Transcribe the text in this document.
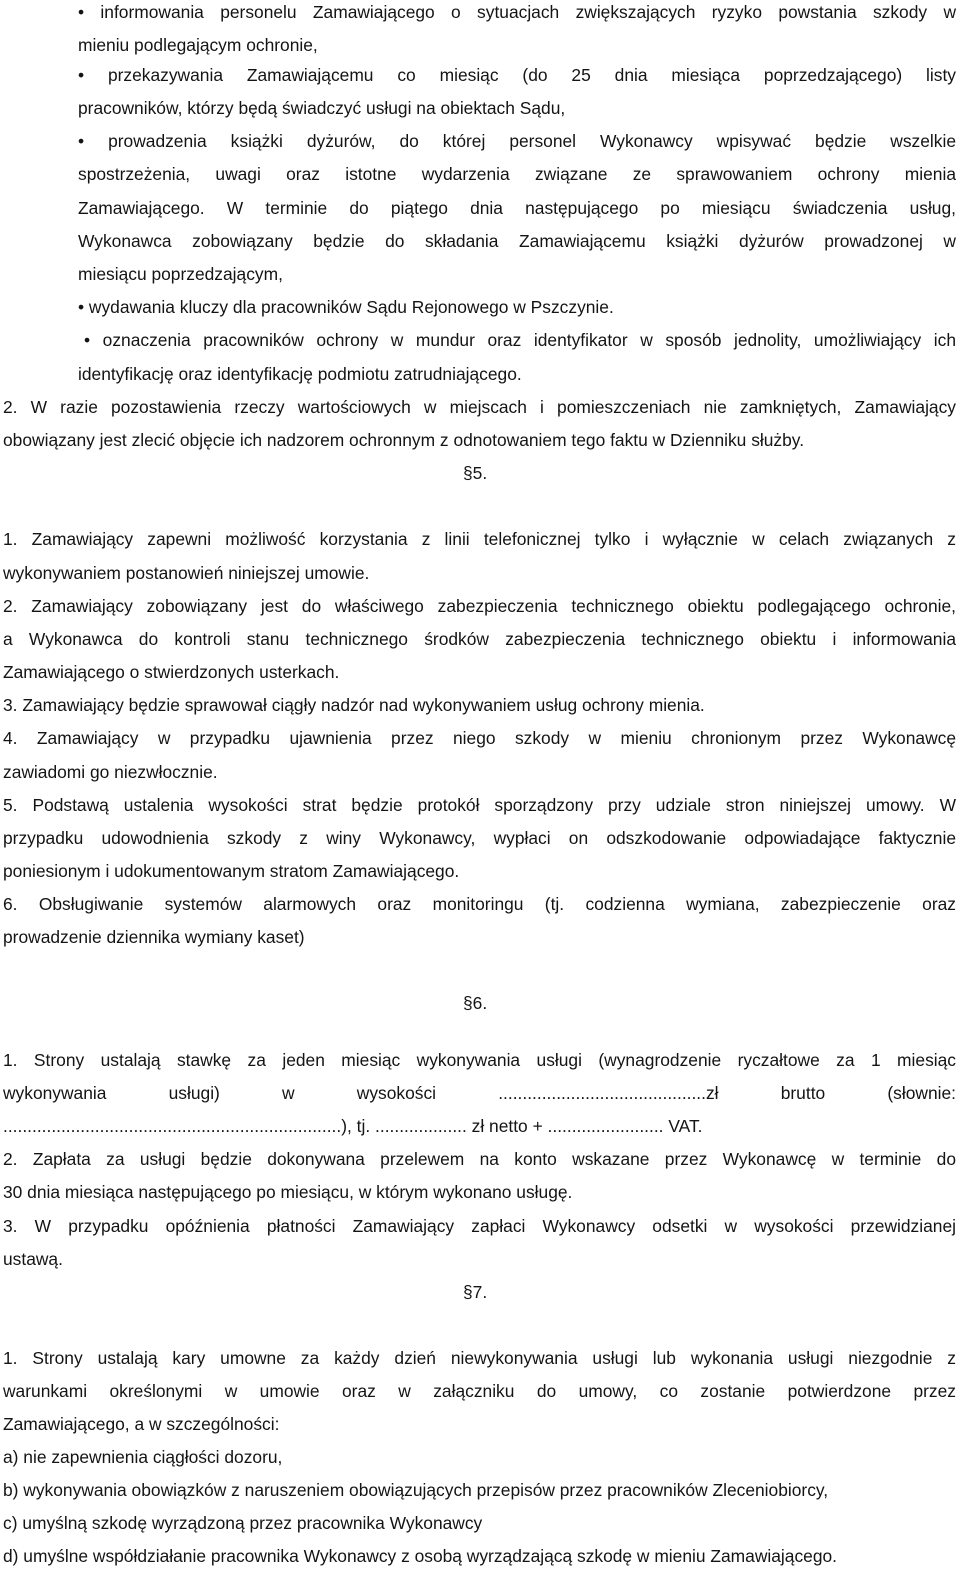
• informowania personelu Zamawiającego o sytuacjach zwiększających ryzyko powstania szkody w
mieniu podlegającym ochronie,
• przekazywania Zamawiającemu co miesiąc (do 25 dnia miesiąca poprzedzającego) listy
pracowników, którzy będą świadczyć usługi na obiektach Sądu,
• prowadzenia książki dyżurów, do której personel Wykonawcy wpisywać będzie wszelkie
spostrzeżenia, uwagi oraz istotne wydarzenia związane ze sprawowaniem ochrony mienia
Zamawiającego. W terminie do piątego dnia następującego po miesiącu świadczenia usług,
Wykonawca zobowiązany będzie do składania Zamawiającemu książki dyżurów prowadzonej w
miesiącu poprzedzającym,
• wydawania kluczy dla pracowników Sądu Rejonowego w Pszczynie.
• oznaczenia pracowników ochrony w mundur oraz identyfikator w sposób jednolity, umożliwiający ich
identyfikację oraz identyfikację podmiotu zatrudniającego.
2. W razie pozostawienia rzeczy wartościowych w miejscach i pomieszczeniach nie zamkniętych, Zamawiający
obowiązany jest zlecić objęcie ich nadzorem ochronnym z odnotowaniem tego faktu w Dzienniku służby.
§5.
1. Zamawiający zapewni możliwość korzystania z linii telefonicznej tylko i wyłącznie w celach związanych z
wykonywaniem postanowień niniejszej umowie.
2. Zamawiający zobowiązany jest do właściwego zabezpieczenia technicznego obiektu podlegającego ochronie,
a Wykonawca do kontroli stanu technicznego środków zabezpieczenia technicznego obiektu i informowania
Zamawiającego o stwierdzonych usterkach.
3. Zamawiający będzie sprawował ciągły nadzór nad wykonywaniem usług ochrony mienia.
4. Zamawiający w przypadku ujawnienia przez niego szkody w mieniu chronionym przez Wykonawcę
zawiadomi go niezwłocznie.
5. Podstawą ustalenia wysokości strat będzie protokół sporządzony przy udziale stron niniejszej umowy. W
przypadku udowodnienia szkody z winy Wykonawcy, wypłaci on odszkodowanie odpowiadające faktycznie
poniesionym i udokumentowanym stratom Zamawiającego.
6. Obsługiwanie systemów alarmowych oraz monitoringu (tj. codzienna wymiana, zabezpieczenie oraz
prowadzenie dziennika wymiany kaset)
§6.
1. Strony ustalają stawkę za jeden miesiąc wykonywania usługi (wynagrodzenie ryczałtowe za 1 miesiąc
wykonywania usługi) w wysokości ...........................................zł brutto (słownie:
......................................................................), tj. ................... zł netto + ........................ VAT.
2. Zapłata za usługi będzie dokonywana przelewem na konto wskazane przez Wykonawcę w terminie do
30 dnia miesiąca następującego po miesiącu, w którym wykonano usługę.
3. W przypadku opóźnienia płatności Zamawiający zapłaci Wykonawcy odsetki w wysokości przewidzianej
ustawą.
§7.
1. Strony ustalają kary umowne za każdy dzień niewykonywania usługi lub wykonania usługi niezgodnie z
warunkami określonymi w umowie oraz w załączniku do umowy, co zostanie potwierdzone przez
Zamawiającego, a w szczególności:
a) nie zapewnienia ciągłości dozoru,
b) wykonywania obowiązków z naruszeniem obowiązujących przepisów przez pracowników Zleceniobiorcy,
c) umyślną szkodę wyrządzoną przez pracownika Wykonawcy
d) umyślne współdziałanie pracownika Wykonawcy z osobą wyrządzającą szkodę w mieniu Zamawiającego.
